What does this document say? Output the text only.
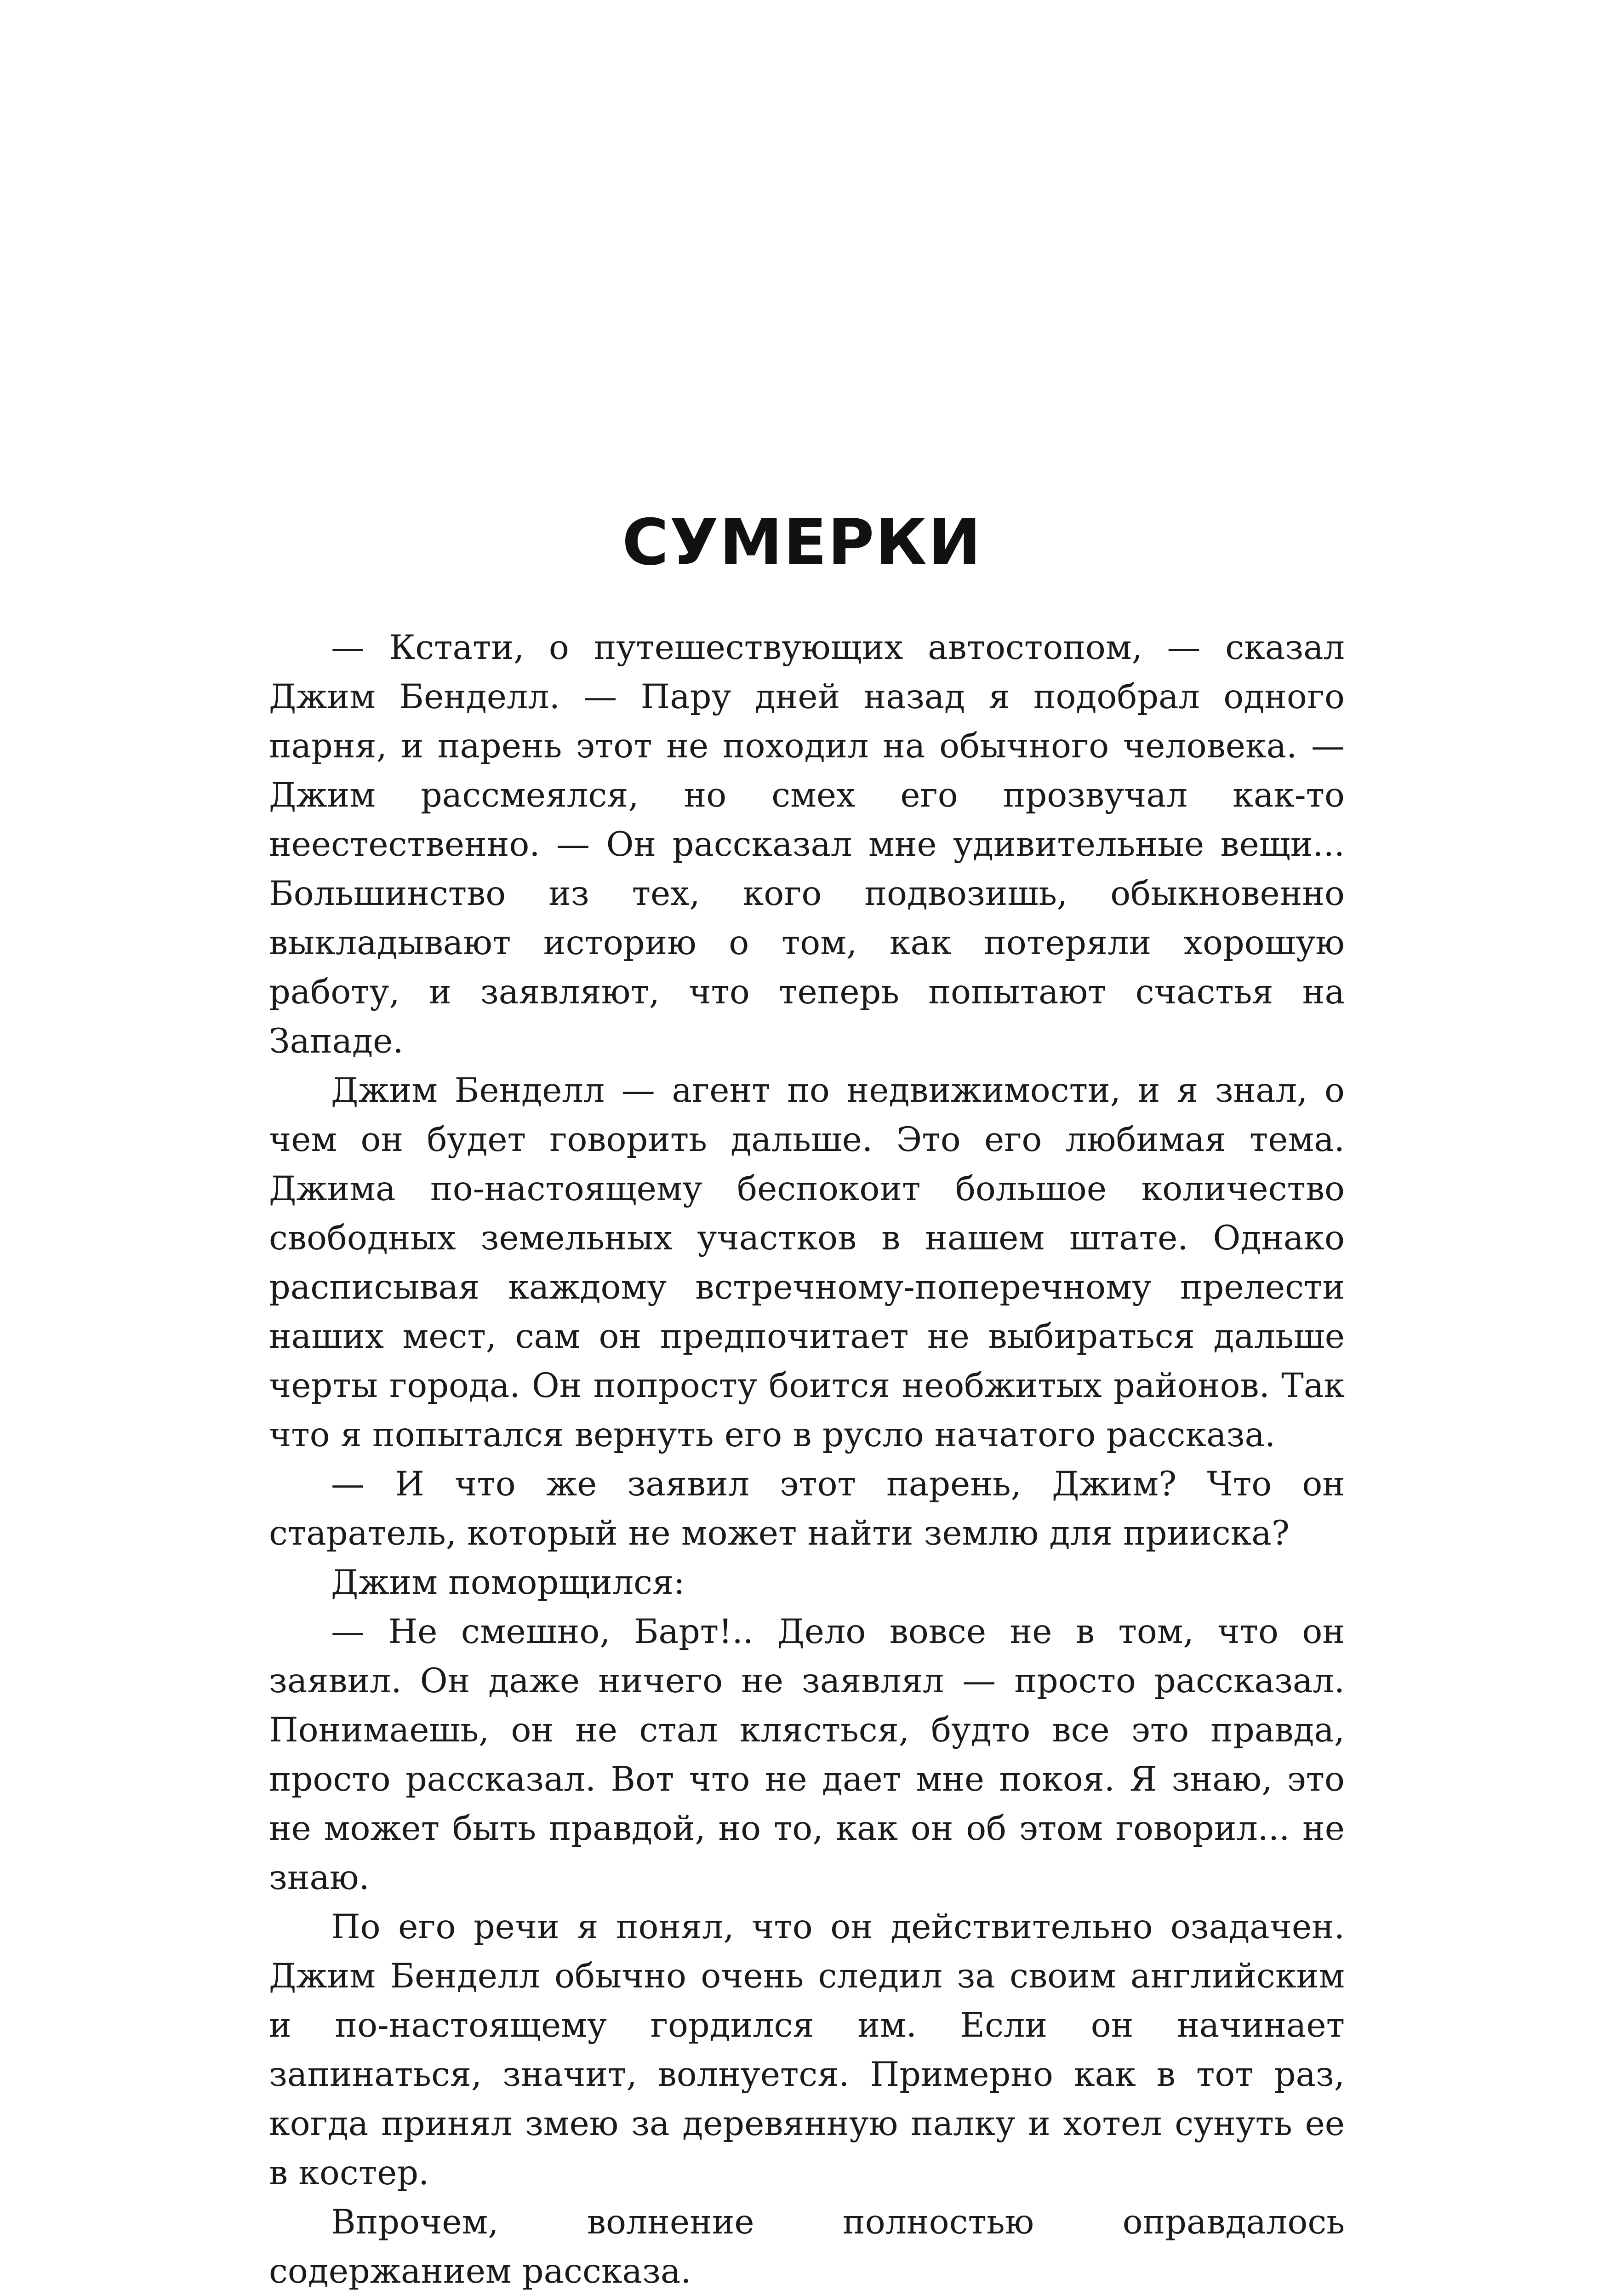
СУМЕРКИ

— Кстати, о путешествующих автостопом, — сказал Джим Бенделл. — Пару дней назад я подобрал одного парня, и парень этот не походил на обычного человека. — Джим рассмеялся, но смех его прозвучал как-то неестественно. — Он рассказал мне удивительные вещи... Большинство из тех, кого подвозишь, обыкновенно выкладывают историю о том, как потеряли хорошую работу, и заявляют, что теперь попытают счастья на Западе.

Джим Бенделл — агент по недвижимости, и я знал, о чем он будет говорить дальше. Это его любимая тема. Джима по-настоящему беспокоит большое количество свободных земельных участков в нашем штате. Однако расписывая каждому встречному-поперечному прелести наших мест, сам он предпочитает не выбираться дальше черты города. Он попросту боится необжитых районов. Так что я попытался вернуть его в русло начатого рассказа.

— И что же заявил этот парень, Джим? Что он старатель, который не может найти землю для прииска?

Джим поморщился:

— Не смешно, Барт!.. Дело вовсе не в том, что он заявил. Он даже ничего не заявлял — просто рассказал. Понимаешь, он не стал клясться, будто все это правда, просто рассказал. Вот что не дает мне покоя. Я знаю, это не может быть правдой, но то, как он об этом говорил... не знаю.

По его речи я понял, что он действительно озадачен. Джим Бенделл обычно очень следил за своим английским и по-настоящему гордился им. Если он начинает запинаться, значит, волнуется. Примерно как в тот раз, когда принял змею за деревянную палку и хотел сунуть ее в костер.

Впрочем, волнение полностью оправдалось содержанием рассказа.
